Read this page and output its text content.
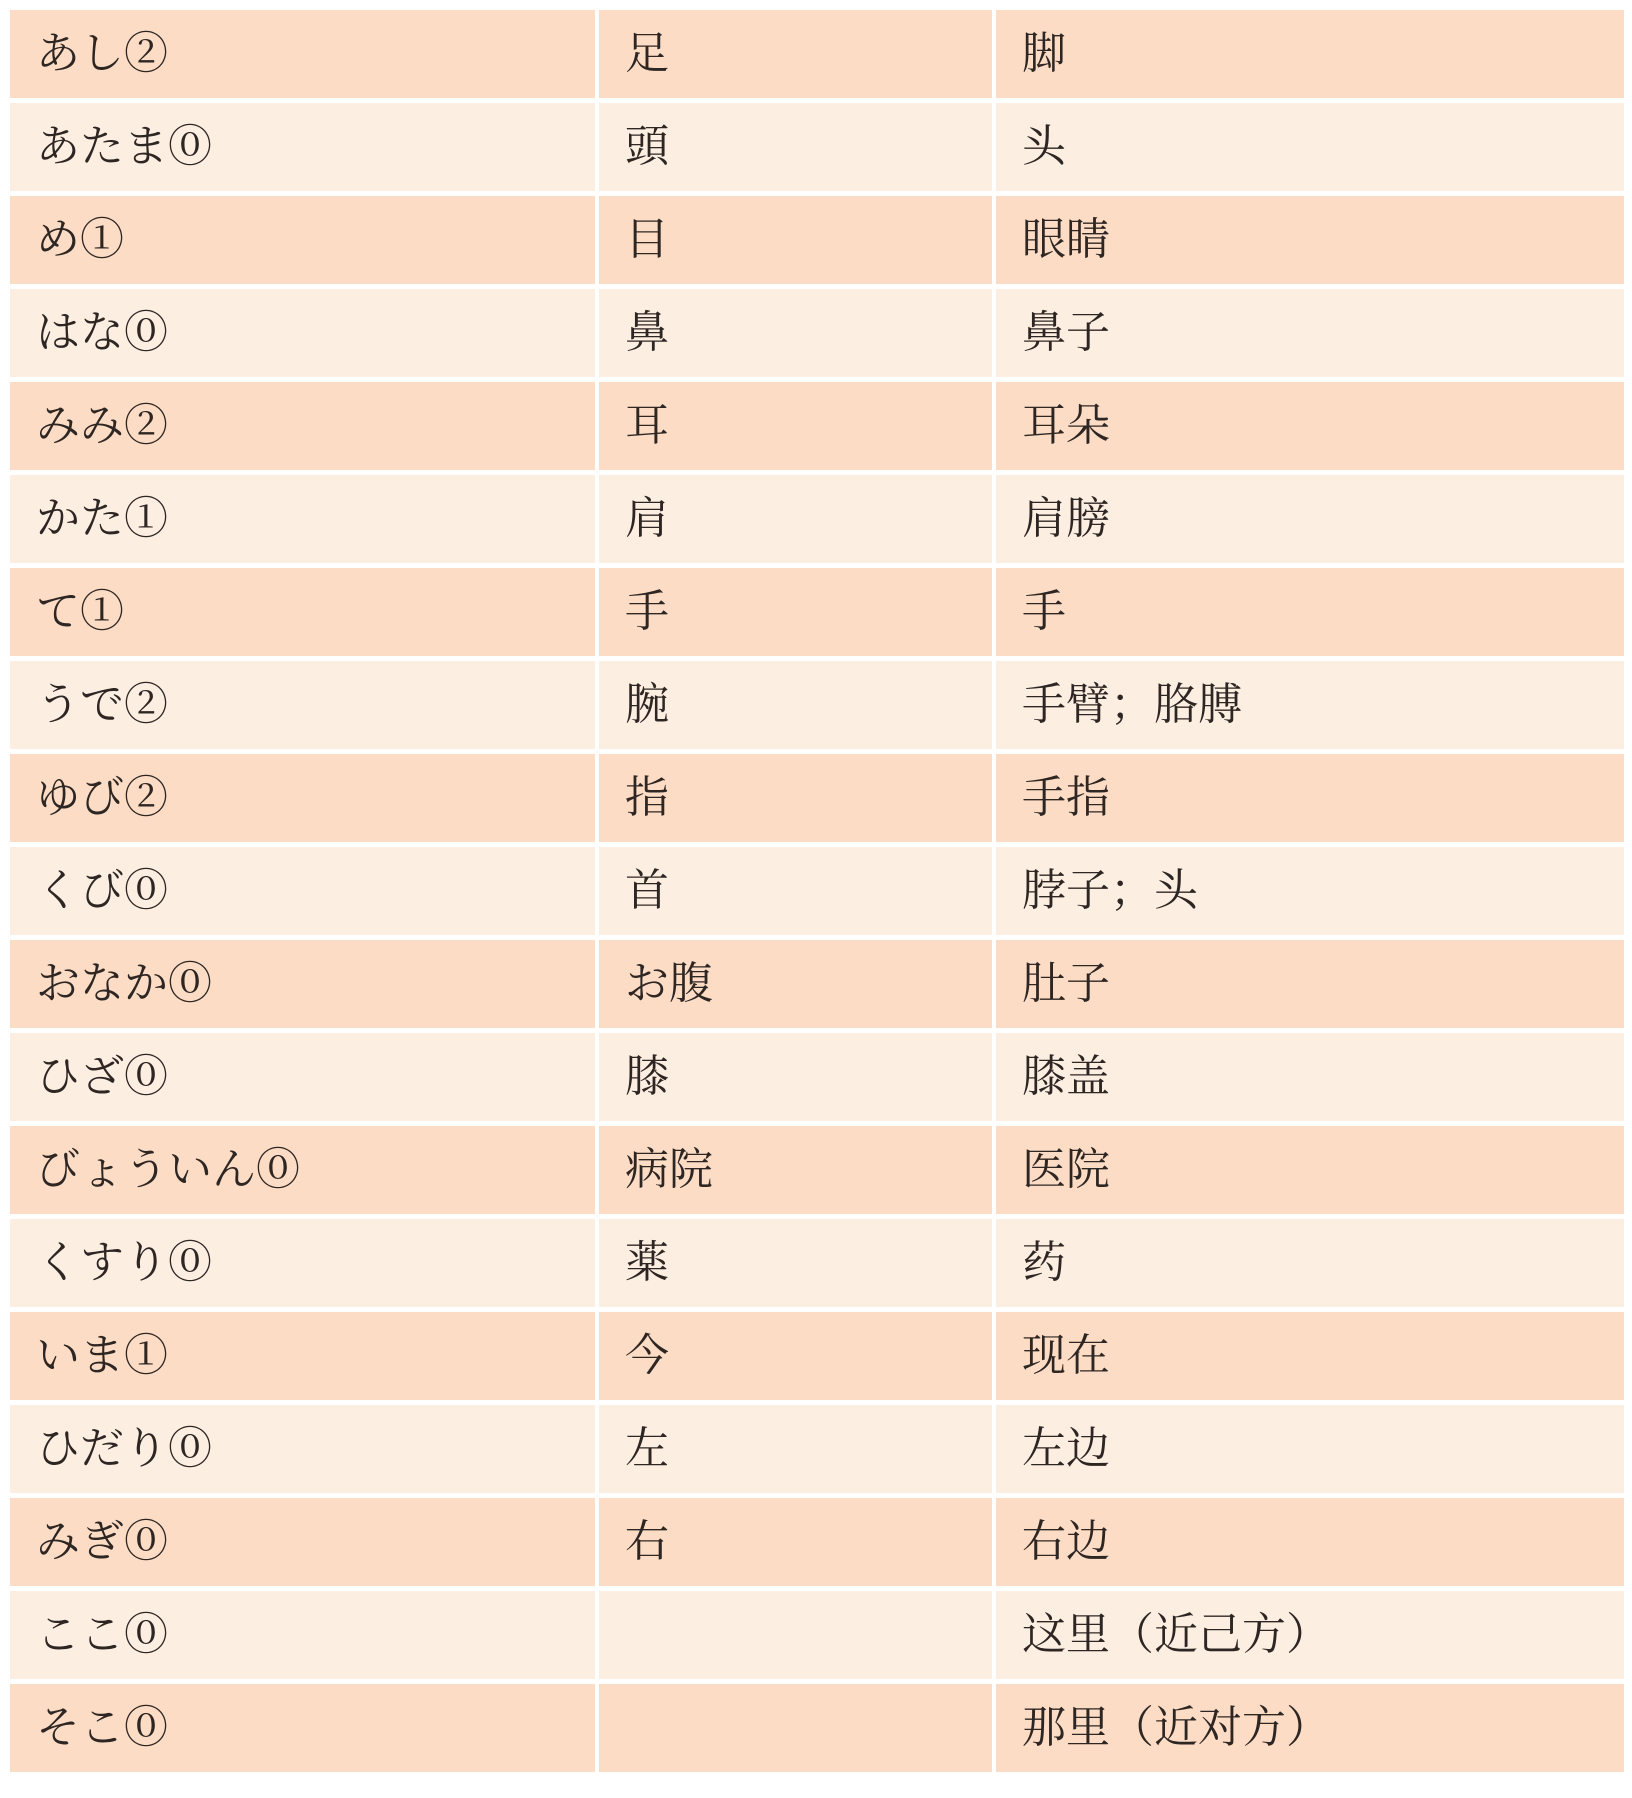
あし②	足	脚
あたま⓪	頭	头
め①	目	眼睛
はな⓪	鼻	鼻子
みみ②	耳	耳朵
かた①	肩	肩膀
て①	手	手
うで②	腕	手臂；胳膊
ゆび②	指	手指
くび⓪	首	脖子；头
おなか⓪	お腹	肚子
ひざ⓪	膝	膝盖
びょういん⓪	病院	医院
くすり⓪	薬	药
いま①	今	现在
ひだり⓪	左	左边
みぎ⓪	右	右边
ここ⓪		这里（近己方）
そこ⓪		那里（近对方）
